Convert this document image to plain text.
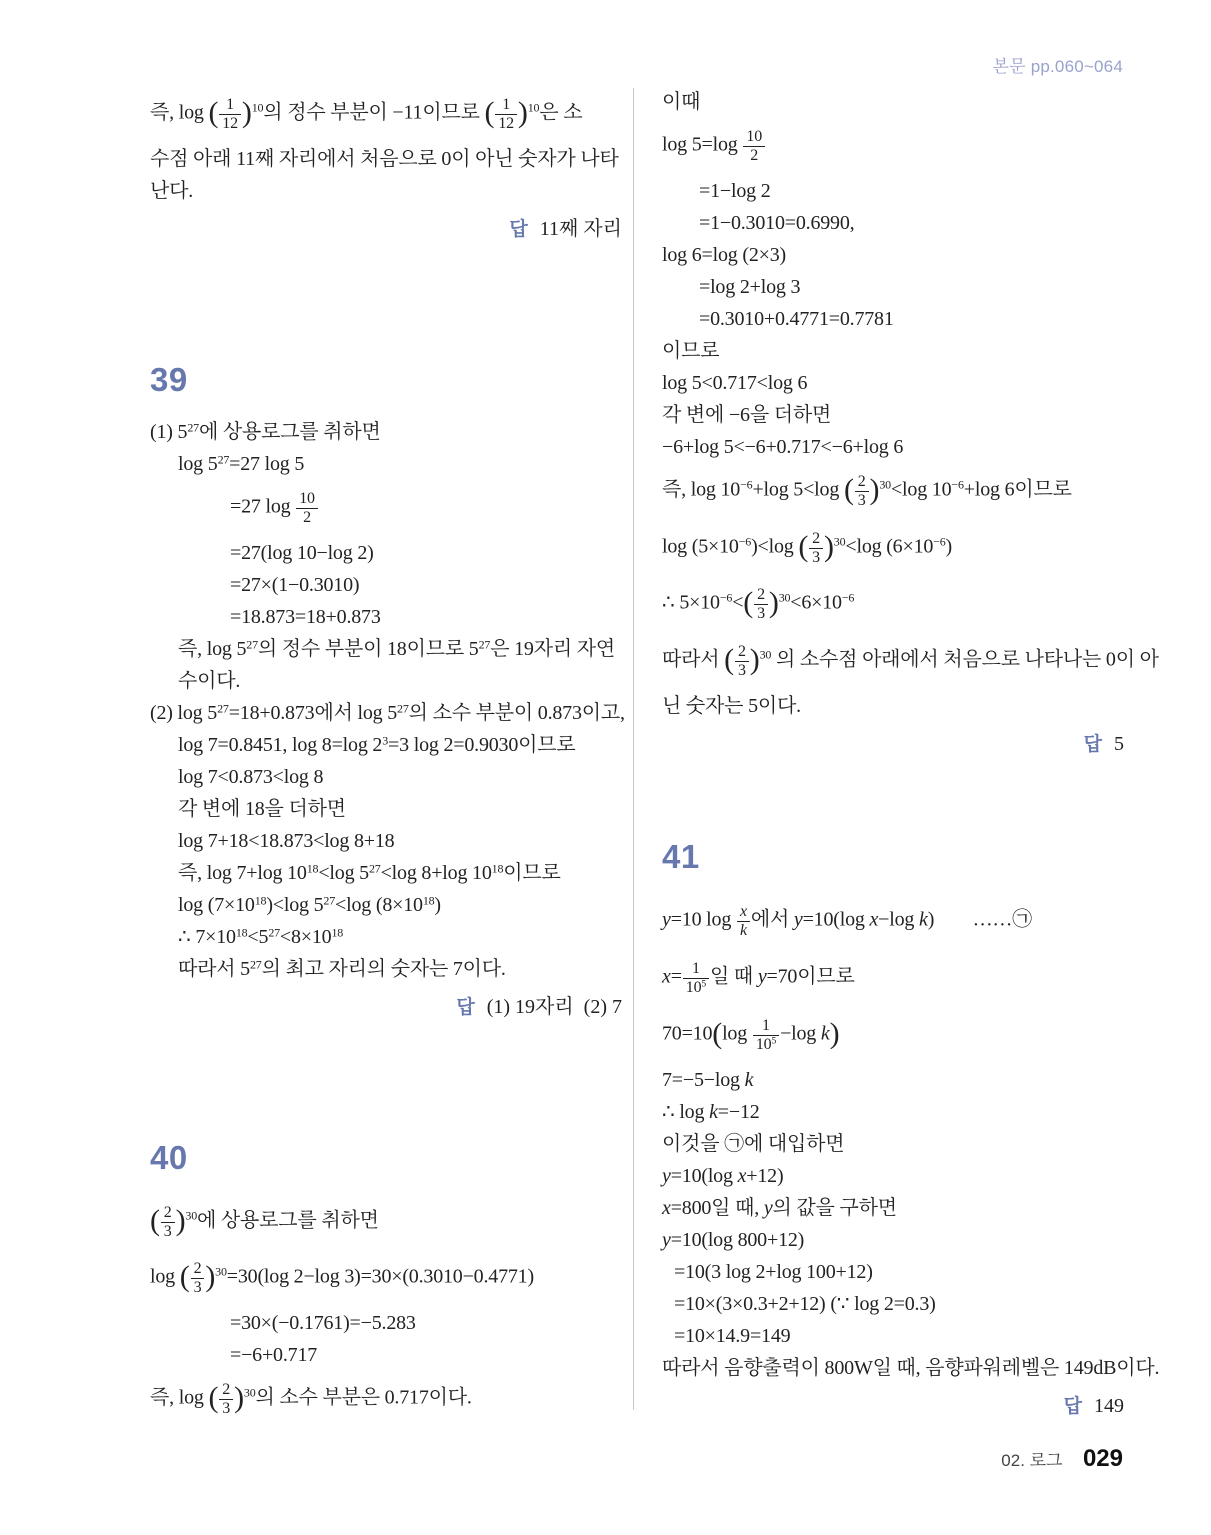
본문 pp.060~064
즉, log ( $\frac{1}{12} )^{10}$의 정수 부분이 −11이므로 ( $\frac{1}{12} )^{10}$은 소
수점 아래 11째 자리에서 처음으로 0이 아닌 숫자가 나타
난다.
답 11째 자리
39
(1) $5^{27}$에 상용로그를 취하면
$\log 5^{27}=27$ log 5
=27 $\log \frac{10}{2}$
=27(log 10−log 2)
=27×(1−0.3010)
=18.873=18+0.873
즉, $\log 5^{27}$의 정수 부분이 18이므로 $5^{27}$은 19자리 자연
수이다.
(2) $\log 5^{27}=18+0.873$에서 $\log 5^{27}$의 소수 부분이 0.873이고,
log 7=0.8451, log 8=log $2^3=3$ log 2=0.9030이므로
log 7<0.873<log 8
각 변에 18을 더하면
log 7+18<18.873<log 8+18
즉, log 7+log $10^{18}<\log$ $5^{27}<\log$ 8+log $10^{18}$이므로
$\log (7\times 10^{18})<\log$ $5^{27}<\log$ $(8\times 10^{18})$
∴ $7\times 10^{18}<5^{27}<8\times 10^{18}$
따라서 $5^{27}$의 최고 자리의 숫자는 7이다.
답 (1) 19자리  (2) 7
40
( $\frac{2}{3} )^{30}$에 상용로그를 취하면
log ( $\frac{2}{3} )^{30}=30(\log$ 2−log 3)=30×(0.3010−0.4771)
=30×(−0.1761)=−5.283
=−6+0.717
즉, log ( $\frac{2}{3} )^{30}$의 소수 부분은 0.717이다.
이때
$\log 5=\log \frac{10}{2}$
=1−log 2
=1−0.3010=0.6990,
log 6=log (2×3)
=log 2+log 3
=0.3010+0.4771=0.7781
이므로
log 5<0.717<log 6
각 변에 −6을 더하면
−6+log 5<−6+0.717<−6+log 6
즉, $\log 10^{-6}+\log$ 5<log ( $\frac{2}{3} )^{30}<\log$ $10^{-6}+\log$ 6이므로
$\log (5\times 10^{-6})<\log$ ( $\frac{2}{3} )^{30}<\log$ $(6\times 10^{-6})$
∴ $5\times 10^{-6}<( \frac{2}{3} )^{30}<6\times 10^{-6}$
따라서 ( $\frac{2}{3} )^{30}$ 의 소수점 아래에서 처음으로 나타나는 0이 아
닌 숫자는 5이다.
답 5
41
y=10 $\log \frac{x}{k}$ 에서 y=10(log x−log k)        ……㉠
$x= \frac{1}{10^5}$ 일 때 y=70이므로
$70=10(\log \frac{1}{10^5} -\log$ k)
7=−5−log k
∴ log k=−12
이것을 ㉠에 대입하면
y=10(log x+12)
x=800일 때, y의 값을 구하면
y=10(log 800+12)
=10(3 log 2+log 100+12)
=10×(3×0.3+2+12) (∵ log 2=0.3)
=10×14.9=149
따라서 음향출력이 800W일 때, 음향파워레벨은 149dB이다.
답 149
02. 로그 029
